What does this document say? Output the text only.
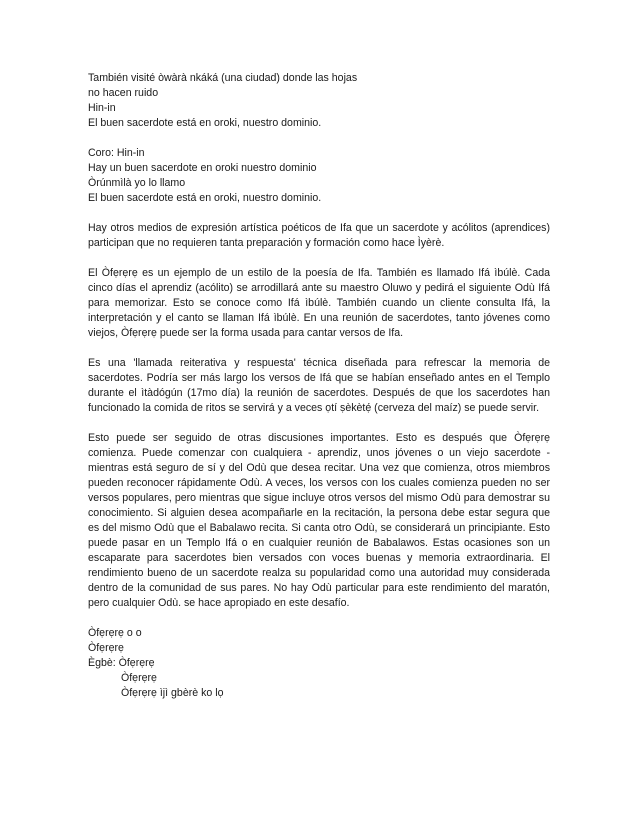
También visité òwàrà nkáká (una ciudad) donde las hojas
no hacen ruido
Hin-in
El buen sacerdote está en oroki, nuestro dominio.
Coro: Hin-in
Hay un buen sacerdote en oroki nuestro dominio
Òrúnmìlà yo lo llamo
El buen sacerdote está en oroki, nuestro dominio.

Hay otros medios de expresión artística poéticos de Ifa que un sacerdote y acólitos (aprendices) participan que no requieren tanta preparación y formación como hace Ìyèrè.

El Òfẹrẹrẹ es un ejemplo de un estilo de la poesía de Ifa. También es llamado Ifá ìbúlè. Cada cinco días el aprendiz (acólito) se arrodillará ante su maestro Oluwo y pedirá el siguiente Odù Ifá para memorizar. Esto se conoce como Ifá ìbúlè. También cuando un cliente consulta Ifá, la interpretación y el canto se llaman Ifá ìbúlè. En una reunión de sacerdotes, tanto jóvenes como viejos, Òfẹrẹrẹ puede ser la forma usada para cantar versos de Ifa.

Es una 'llamada reiterativa y respuesta' técnica diseñada para refrescar la memoria de sacerdotes. Podría ser más largo los versos de Ifá que se habían enseñado antes en el Templo durante el ìtàdógún (17mo día) la reunión de sacerdotes. Después de que los sacerdotes han funcionado la comida de ritos se servirá y a veces ọtí ṣèkètẹ́ (cerveza del maíz) se puede servir.

Esto puede ser seguido de otras discusiones importantes. Esto es después que Òfẹrẹrẹ comienza. Puede comenzar con cualquiera - aprendiz, unos jóvenes o un viejo sacerdote - mientras está seguro de sí y del Odù que desea recitar. Una vez que comienza, otros miembros pueden reconocer rápidamente Odù. A veces, los versos con los cuales comienza pueden no ser versos populares, pero mientras que sigue incluye otros versos del mismo Odù para demostrar su conocimiento. Si alguien desea acompañarle en la recitación, la persona debe estar segura que es del mismo Odù que el Babalawo recita. Si canta otro Odù, se considerará un principiante. Esto puede pasar en un Templo Ifá o en cualquier reunión de Babalawos. Estas ocasiones son un escaparate para sacerdotes bien versados con voces buenas y memoria extraordinaria. El rendimiento bueno de un sacerdote realza su popularidad como una autoridad muy considerada dentro de la comunidad de sus pares. No hay Odù particular para este rendimiento del maratón, pero cualquier Odù. se hace apropiado en este desafío.

Òfẹrẹrẹ o o
Òfẹrẹrẹ
Ègbè: Òfẹrẹrẹ
Òfẹrẹrẹ
Òfẹrẹrẹ ìjì gbèrè ko lọ
